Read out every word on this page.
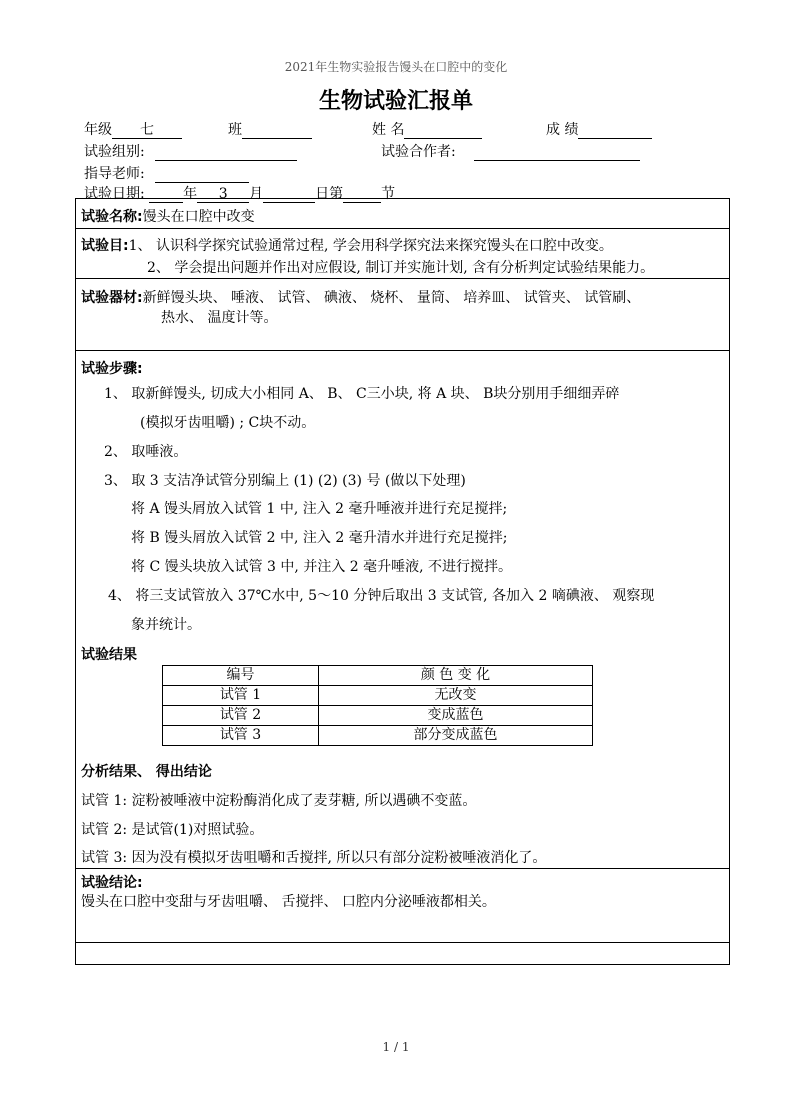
2021年生物实验报告馒头在口腔中的变化
生物试验汇报单
年级 七	班	姓 名	成 绩
试验组别:	试验合作者:
指导老师:
试验日期:	年 3 月	日第	节
试验名称:馒头在口腔中改变
试验目:1、 认识科学探究试验通常过程, 学会用科学探究法来探究馒头在口腔中改变。
2、 学会提出问题并作出对应假设, 制订并实施计划, 含有分析判定试验结果能力。
试验器材:新鲜馒头块、 唾液、 试管、 碘液、 烧杯、 量筒、 培养皿、 试管夹、 试管刷、
热水、 温度计等。
试验步骤:
1、 取新鲜馒头, 切成大小相同 A、 B、 C三小块, 将 A 块、 B块分别用手细细弄碎
(模拟牙齿咀嚼) ; C块不动。
2、 取唾液。
3、 取 3 支洁净试管分别编上 (1) (2) (3) 号 (做以下处理)
将 A 馒头屑放入试管 1 中, 注入 2 毫升唾液并进行充足搅拌;
将 B 馒头屑放入试管 2 中, 注入 2 毫升清水并进行充足搅拌;
将 C 馒头块放入试管 3 中, 并注入 2 毫升唾液, 不进行搅拌。
4、 将三支试管放入 37℃水中, 5～10 分钟后取出 3 支试管, 各加入 2 嘀碘液、 观察现
象并统计。
试验结果
编号	颜 色 变 化
试管 1	无改变
试管 2	变成蓝色
试管 3	部分变成蓝色
分析结果、 得出结论
试管 1: 淀粉被唾液中淀粉酶消化成了麦芽糖, 所以遇碘不变蓝。
试管 2: 是试管(1)对照试验。
试管 3: 因为没有模拟牙齿咀嚼和舌搅拌, 所以只有部分淀粉被唾液消化了。
试验结论:
馒头在口腔中变甜与牙齿咀嚼、 舌搅拌、 口腔内分泌唾液都相关。
1 / 1
